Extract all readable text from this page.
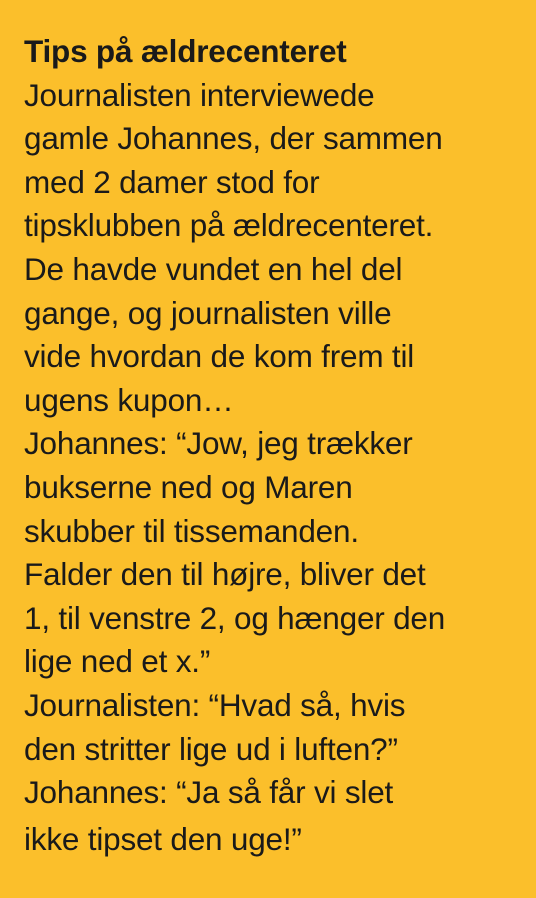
Tips på ældrecenteret
Journalisten interviewede
gamle Johannes, der sammen
med 2 damer stod for
tipsklubben på ældrecenteret.
De havde vundet en hel del
gange, og journalisten ville
vide hvordan de kom frem til
ugens kupon…
Johannes: “Jow, jeg trækker
bukserne ned og Maren
skubber til tissemanden.
Falder den til højre, bliver det
1, til venstre 2, og hænger den
lige ned et x.”
Journalisten: “Hvad så, hvis
den stritter lige ud i luften?”
Johannes: “Ja så får vi slet
ikke tipset den uge!”
